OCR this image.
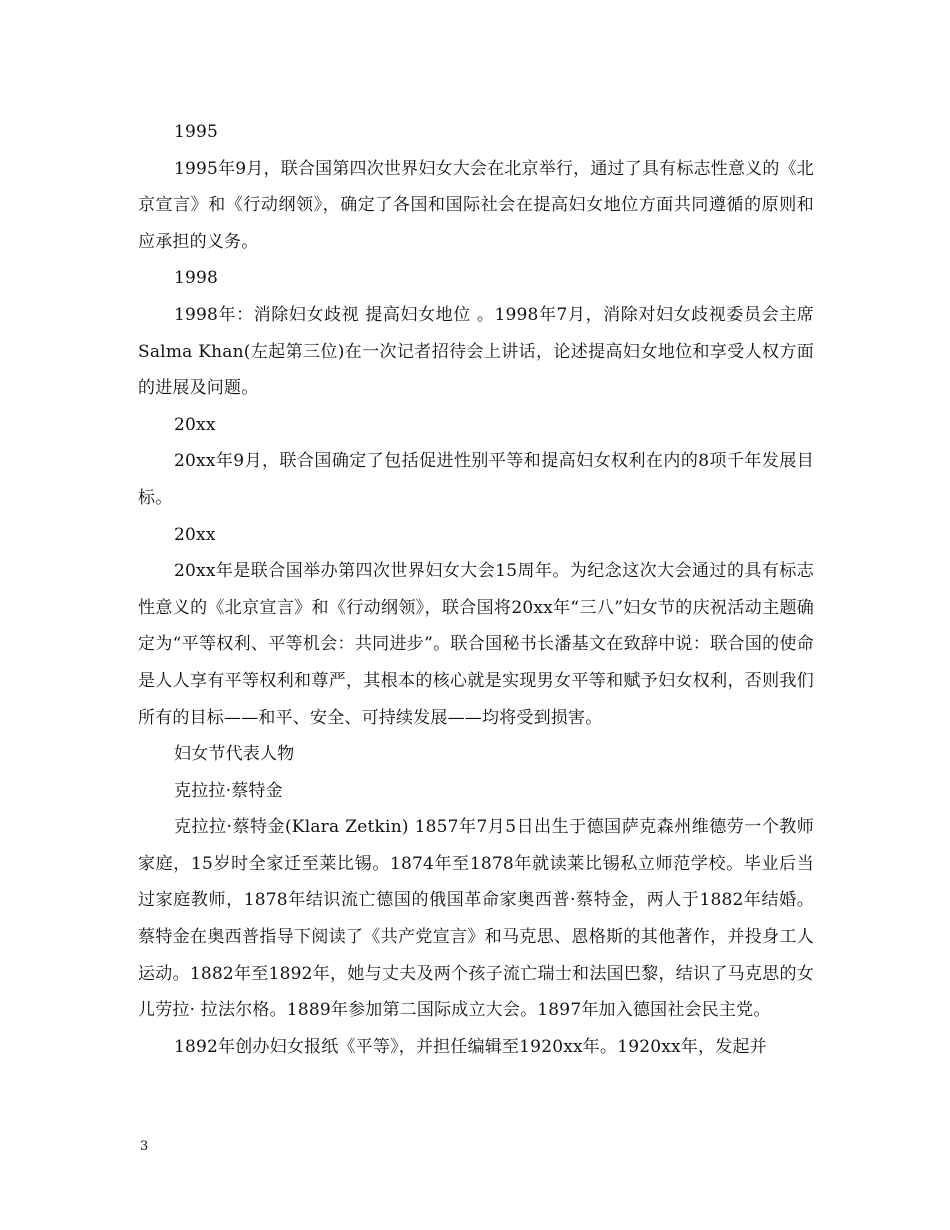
1995

1995年9月，联合国第四次世界妇女大会在北京举行，通过了具有标志性意义的《北京宣言》和《行动纲领》，确定了各国和国际社会在提高妇女地位方面共同遵循的原则和应承担的义务。

1998

1998年：消除妇女歧视 提高妇女地位 。1998年7月，消除对妇女歧视委员会主席Salma Khan(左起第三位)在一次记者招待会上讲话，论述提高妇女地位和享受人权方面的进展及问题。

20xx

20xx年9月，联合国确定了包括促进性别平等和提高妇女权利在内的8项千年发展目标。

20xx

20xx年是联合国举办第四次世界妇女大会15周年。为纪念这次大会通过的具有标志性意义的《北京宣言》和《行动纲领》，联合国将20xx年“三八”妇女节的庆祝活动主题确定为“平等权利、平等机会：共同进步”。联合国秘书长潘基文在致辞中说：联合国的使命是人人享有平等权利和尊严，其根本的核心就是实现男女平等和赋予妇女权利，否则我们所有的目标——和平、安全、可持续发展——均将受到损害。

妇女节代表人物

克拉拉·蔡特金

克拉拉·蔡特金(Klara Zetkin) 1857年7月5日出生于德国萨克森州维德劳一个教师家庭，15岁时全家迁至莱比锡。1874年至1878年就读莱比锡私立师范学校。毕业后当过家庭教师，1878年结识流亡德国的俄国革命家奥西普·蔡特金，两人于1882年结婚。蔡特金在奥西普指导下阅读了《共产党宣言》和马克思、恩格斯的其他著作，并投身工人运动。1882年至1892年，她与丈夫及两个孩子流亡瑞士和法国巴黎，结识了马克思的女儿劳拉· 拉法尔格。1889年参加第二国际成立大会。1897年加入德国社会民主党。

1892年创办妇女报纸《平等》，并担任编辑至1920xx年。1920xx年，发起并

3
